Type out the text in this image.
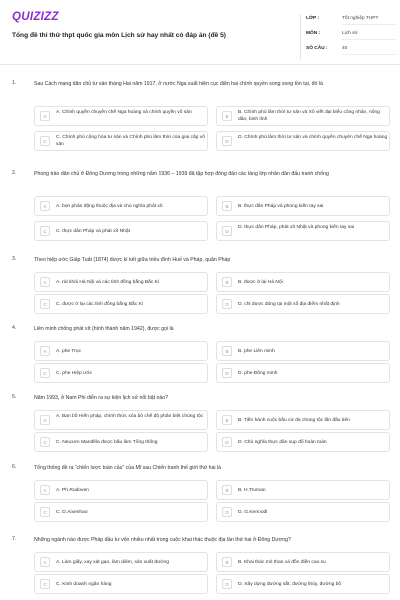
QUIZIZZ
Tổng đề thi thử thpt quốc gia môn Lịch sử hay nhất có đáp án (đề 5)
LỚP :	Tốt nghiệp THPT
MÔN :	Lịch sử
SỐ CÂU :	40
1.	Sau Cách mạng dân chủ tư sản tháng Hai năm 1917, ở nước Nga xuất hiện cục diện hai chính quyền song song tồn tại, đó là
A
A. Chính quyền chuyên chế Nga hoàng và chính quyền vô sản
B
B. Chính phủ lâm thời tư sản và Xô viết đại biểu công nhân, nông dân, binh lính
C
C. Chính phủ cộng hòa tư sản và Chính phủ lâm thời của giai cấp vô sản	D
D. Chính phủ lâm thời tư sản và chính quyền chuyên chế Nga hoàng
2.	Phong trào dân chủ ở Đông Dương trong những năm 1936 – 1939 đã tập hợp đông đảo các tầng lớp nhân dân đấu tranh chống
A	A. bọn phản động thuộc địa và chủ nghĩa phát xít	B	B. thực dân Pháp và phong kiến tay sai
C	C. thực dân Pháp và phát xít Nhật	D
D. thực dân Pháp, phát xít Nhật và phong kiến tay sai
3.	Theo hiệp ước Giáp Tuất (1874) được kí kết giữa triều đình Huế và Pháp, quân Pháp
A	A. rút khỏi Hà Nội và các tỉnh đồng bằng Bắc Kì	B	B. được ở lại Hà Nội
C	C. được ở lại các tỉnh đồng bằng Bắc Kì	D	D. chỉ được đóng tại một số địa điểm nhất định
4.	Liên minh chống phát xít (hình thành năm 1942), được gọi là
A	A. phe Trục	B	B. phe Liên minh
C	C. phe Hiệp ước	D	D. phe Đồng minh
5.	Năm 1993, ở Nam Phi diễn ra sự kiện lịch sử nổi bật nào?
A
A. Ban bố Hiến pháp, chính thức xóa bỏ chế độ phân biệt chủng tộc
B	B. Tiến hành cuộc bầu cử đa chủng tộc lần đầu tiên
C	C. Neuxơn Manđêla được bầu làm Tổng thống	D	D. Chủ nghĩa thực dân sụp đổ hoàn toàn
6.	Tổng thống đề ra “chiến lược toàn cầu” của Mĩ sau Chiến tranh thế giới thứ hai là
A	A. Ph.Rudoven	B	B. H.Truman
C	C. D.Aixenhao	D	D. G.Kennođi
7.	Những ngành nào được Pháp đầu tư vốn nhiều nhất trong cuộc khai thác thuộc địa lần thứ hai ở Đông Dương?
A	A. Làm giấy, xay xát gạo, làm diêm, sản xuất đường	B	B. Khai thác mỏ than và đồn điền cao su
C	C. Kinh doanh ngân hàng	D	D. Xây dựng đường sắt, đường thủy, đường bộ
